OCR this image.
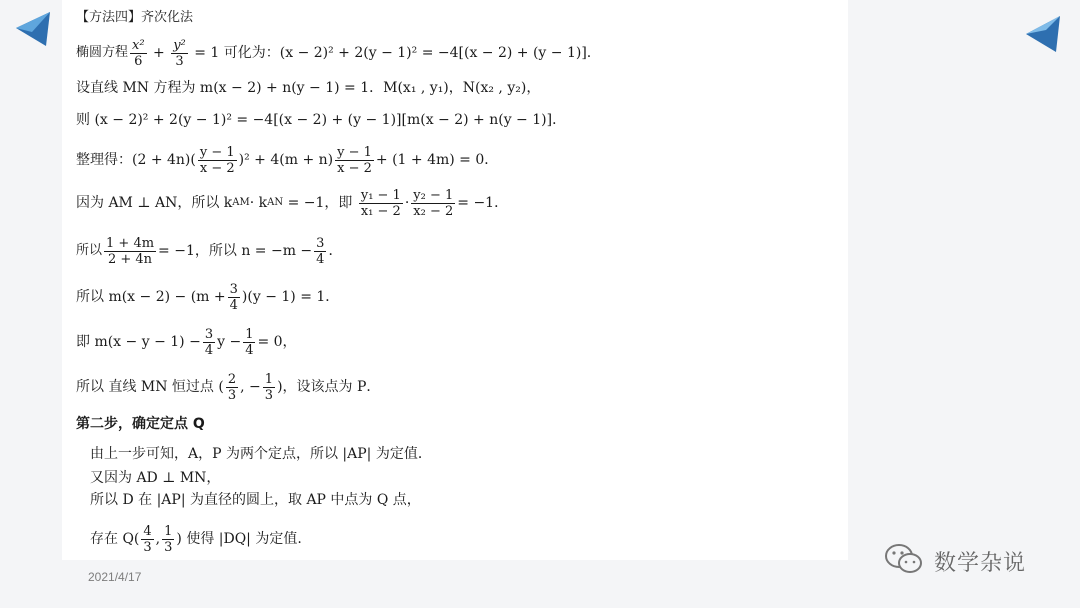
【方法四】齐次化法
椭圆方程 $\frac{\text{x²}}{6} + \frac{\text{y²}}{3}$
= 1 可化为：(x − 2)² + 2(y − 1)² = −4[(x − 2) + (y − 1)].
设直线 MN 方程为 m(x − 2) + n(y − 1) = 1．M(x₁ , y₁)，N(x₂ , y₂)，
则 (x − 2)² + 2(y − 1)² = −4[(x − 2) + (y − 1)][m(x − 2) + n(y − 1)]．
整理得：$(2 + 4n)( \frac{y - 1}{x - 2} )^2 + 4(m + n) \frac{y - 1}{x - 2} + (1 + 4m) = 0$．
因为 AM ⊥ AN，所以 k AM · k AN
= −1，即
$\frac{\text{y₁ − 1}}{\text{x₁ − 2}} \cdot \frac{\text{y₂ − 1}}{\text{x₂ − 2}} = -1$．
所以 $\frac{1 + 4m}{2 + 4n} = -1$，所以 $n = -m - \frac{3}{4}$ ．
所以 $m(x - 2) - (m + \frac{3}{4} )(y - 1) = 1$．
即 $m(x - y - 1) - \frac{3}{4}$ $y - \frac{1}{4} = 0$，
所以 直线 MN 恒过点 ( $\frac{2}{3}$ , − $\frac{1}{3}$ )，设该点为 P．
第二步，确定定点 Q
由上一步可知，A，P 为两个定点，所以 |AP| 为定值．
又因为 AD ⊥ MN，
所以 D 在 |AP| 为直径的圆上，取 AP 中点为 Q 点，
存在 $Q( \frac{4}{3}$ , $\frac{1}{3}$ ) 使得 |DQ| 为定值.
2021/4/17
数学杂说
